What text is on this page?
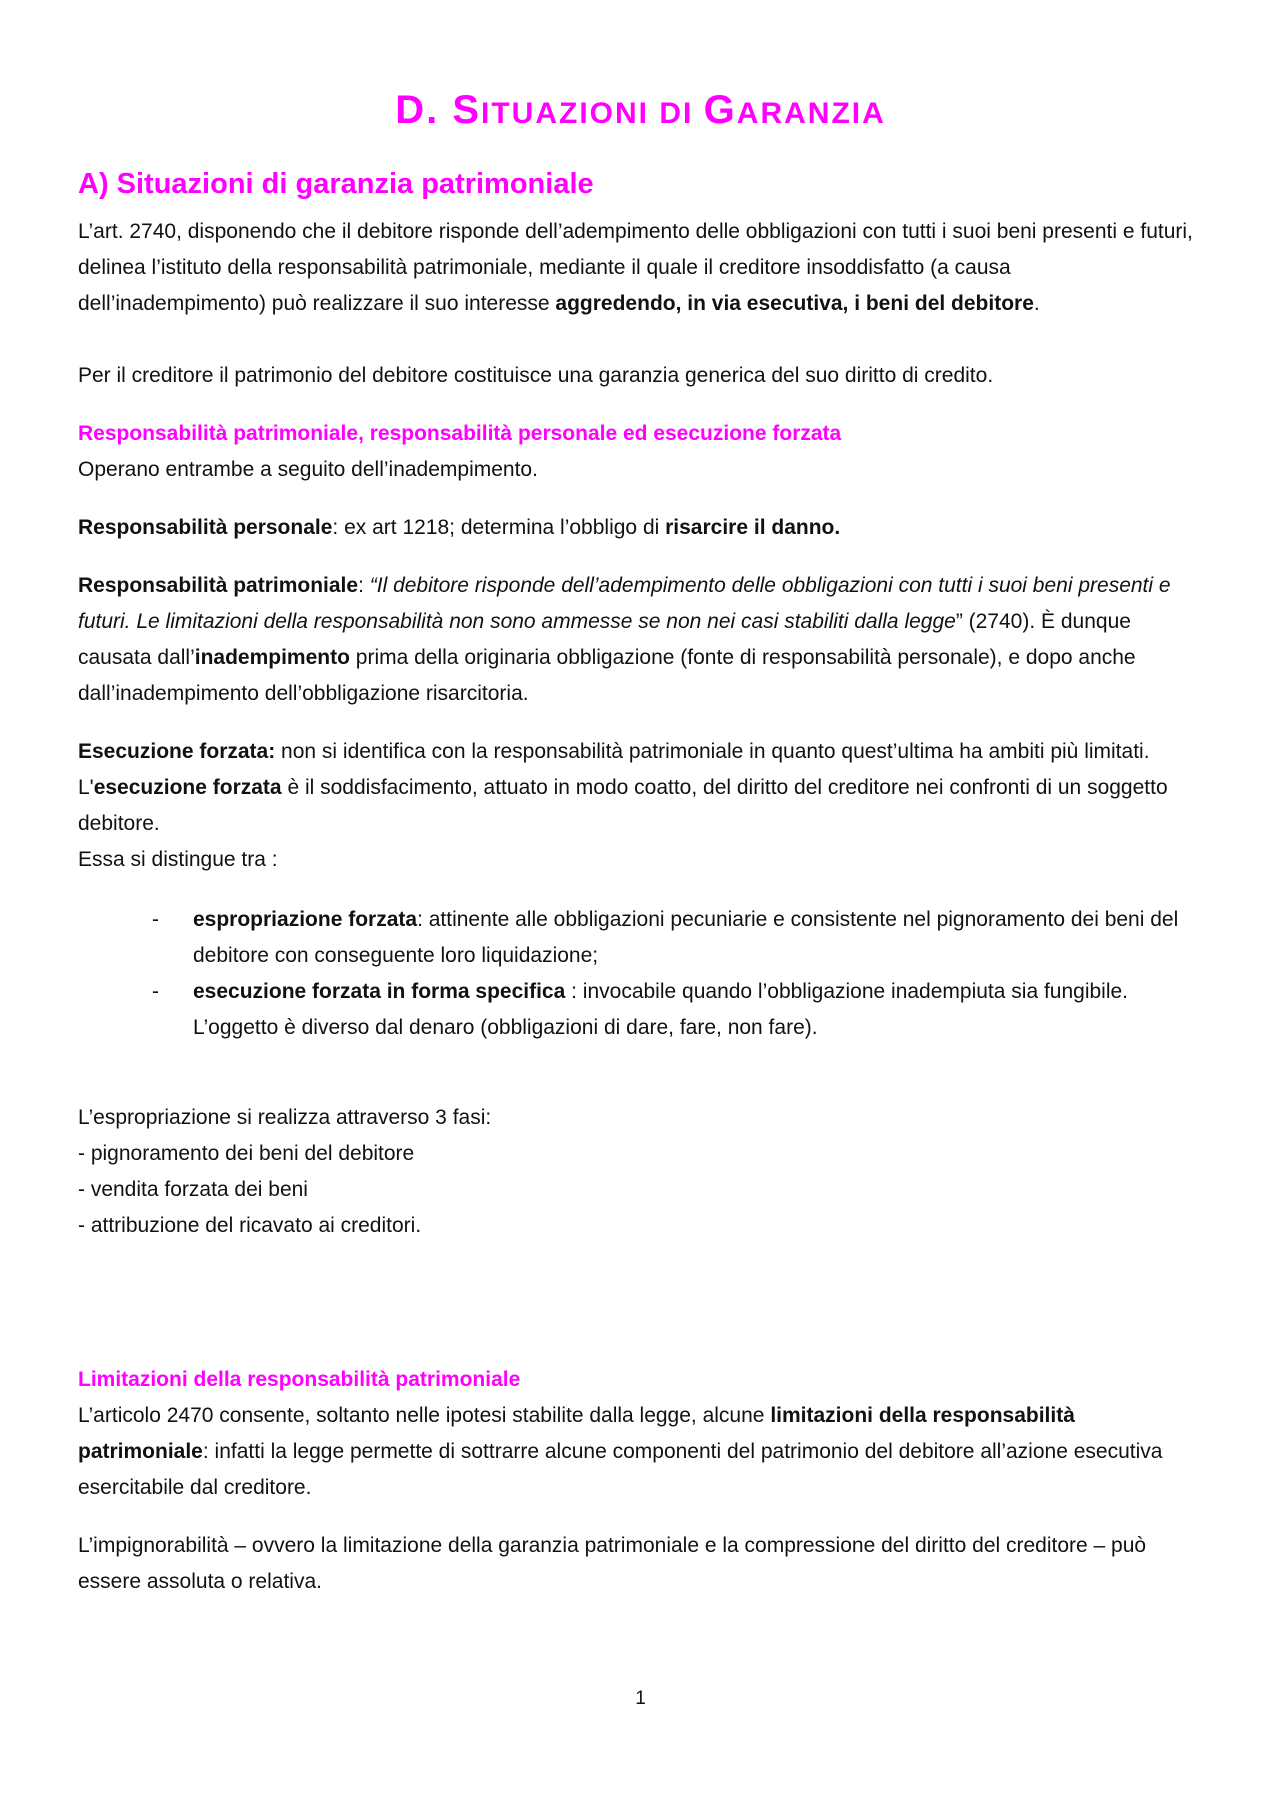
D. SITUAZIONI DI GARANZIA
A) Situazioni di garanzia patrimoniale

L’art. 2740, disponendo che il debitore risponde dell’adempimento delle obbligazioni con tutti i suoi beni presenti e futuri, delinea l’istituto della responsabilità patrimoniale, mediante il quale il creditore insoddisfatto (a causa dell’inadempimento) può realizzare il suo interesse aggredendo, in via esecutiva, i beni del debitore.

Per il creditore il patrimonio del debitore costituisce una garanzia generica del suo diritto di credito.

Responsabilità patrimoniale, responsabilità personale ed esecuzione forzata

Operano entrambe a seguito dell’inadempimento.

Responsabilità personale: ex art 1218; determina l’obbligo di risarcire il danno.

Responsabilità patrimoniale: “Il debitore risponde dell’adempimento delle obbligazioni con tutti i suoi beni presenti e futuri. Le limitazioni della responsabilità non sono ammesse se non nei casi stabiliti dalla legge” (2740). È dunque causata dall’inadempimento prima della originaria obbligazione (fonte di responsabilità personale), e dopo anche dall’inadempimento dell’obbligazione risarcitoria.

Esecuzione forzata: non si identifica con la responsabilità patrimoniale in quanto quest’ultima ha ambiti più limitati. L'esecuzione forzata è il soddisfacimento, attuato in modo coatto, del diritto del creditore nei confronti di un soggetto debitore.

Essa si distingue tra :

- espropriazione forzata: attinente alle obbligazioni pecuniarie e consistente nel pignoramento dei beni del debitore con conseguente loro liquidazione;
- esecuzione forzata in forma specifica : invocabile quando l’obbligazione inadempiuta sia fungibile. L’oggetto è diverso dal denaro (obbligazioni di dare, fare, non fare).

L’espropriazione si realizza attraverso 3 fasi:

- pignoramento dei beni del debitore

- vendita forzata dei beni

- attribuzione del ricavato ai creditori.

Limitazioni della responsabilità patrimoniale

L’articolo 2470 consente, soltanto nelle ipotesi stabilite dalla legge, alcune limitazioni della responsabilità patrimoniale: infatti la legge permette di sottrarre alcune componenti del patrimonio del debitore all’azione esecutiva esercitabile dal creditore.

L’impignorabilità – ovvero la limitazione della garanzia patrimoniale e la compressione del diritto del creditore – può essere assoluta o relativa.

1
